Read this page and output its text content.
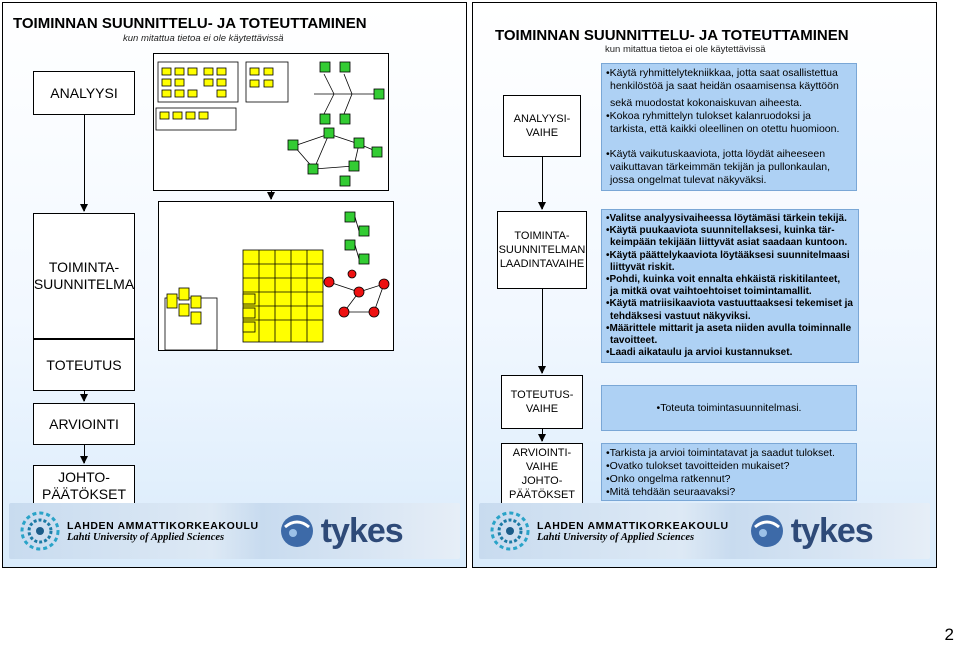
TOIMINNAN SUUNNITTELU- JA TOTEUTTAMINEN
kun mitattua tietoa ei ole käytettävissä
ANALYYSI
TOIMINTA-
SUUNNITELMA
TOTEUTUS
ARVIOINTI
JOHTO-
PÄÄTÖKSET
LAHDEN AMMATTIKORKEAKOULU
Lahti University of Applied Sciences	tykes
TOIMINNAN SUUNNITTELU- JA TOTEUTTAMINEN
kun mitattua tietoa ei ole käytettävissä
ANALYYSI-
VAIHE
TOIMINTA-
SUUNNITELMAN
LAADINTAVAIHE
TOTEUTUS-
VAIHE
ARVIOINTI-
VAIHE
JOHTO-
PÄÄTÖKSET

•Käytä ryhmittelytekniikkaa, jotta saat osallistettua

henkilöstöä ja saat heidän osaamisensa käyttöön

sekä muodostat kokonaiskuvan aiheesta.

•Kokoa ryhmittelyn tulokset kalanruodoksi ja

tarkista, että kaikki oleellinen on otettu huomioon.

•Käytä vaikutuskaaviota, jotta löydät aiheeseen

vaikuttavan tärkeimmän tekijän ja pullonkaulan,

jossa ongelmat tulevat näkyväksi.

•Valitse analyysivaiheessa löytämäsi tärkein tekijä.

•Käytä puukaaviota suunnitellaksesi, kuinka tär-

keimpään tekijään liittyvät asiat saadaan kuntoon.

•Käytä päättelykaaviota löytääksesi suunnitelmaasi

liittyvät riskit.

•Pohdi, kuinka voit ennalta ehkäistä riskitilanteet,

ja mitkä ovat vaihtoehtoiset toimintamallit.

•Käytä matriisikaaviota vastuuttaaksesi tekemiset ja

tehdäksesi vastuut näkyviksi.

•Määrittele mittarit ja aseta niiden avulla toiminnalle

tavoitteet.

•Laadi aikataulu ja arvioi kustannukset.

•Toteuta toimintasuunnitelmasi.

•Tarkista ja arvioi toimintatavat ja saadut tulokset.

•Ovatko tulokset tavoitteiden mukaiset?

•Onko ongelma ratkennut?

•Mitä tehdään seuraavaksi?

LAHDEN AMMATTIKORKEAKOULU
Lahti University of Applied Sciences	tykes
2
